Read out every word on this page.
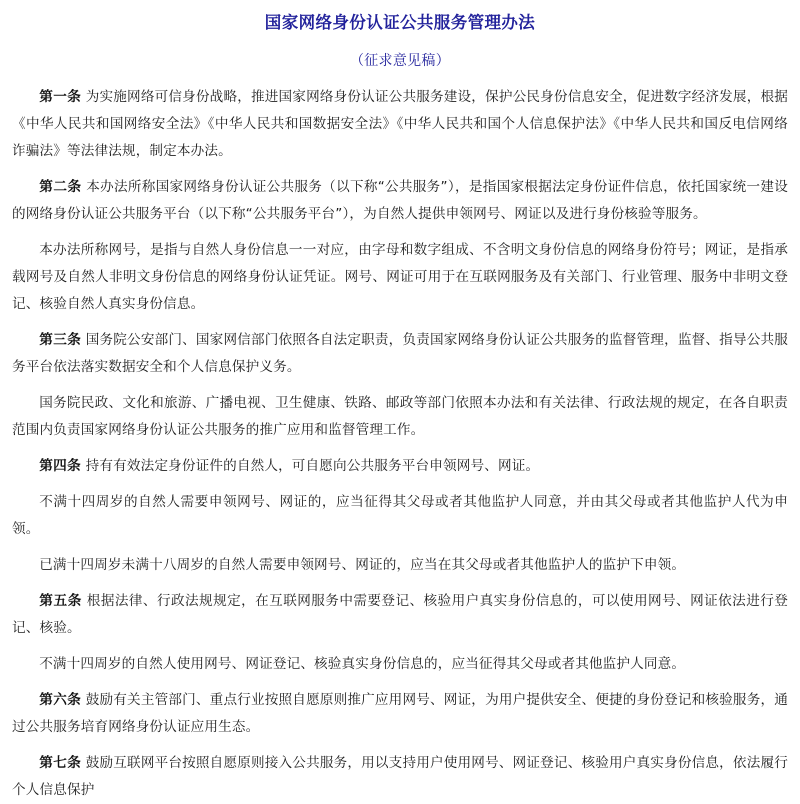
国家网络身份认证公共服务管理办法
（征求意见稿）

第一条 为实施网络可信身份战略，推进国家网络身份认证公共服务建设，保护公民身份信息安全，促进数字经济发展，根据《中华人民共和国网络安全法》《中华人民共和国数据安全法》《中华人民共和国个人信息保护法》《中华人民共和国反电信网络诈骗法》等法律法规，制定本办法。

第二条 本办法所称国家网络身份认证公共服务（以下称“公共服务”），是指国家根据法定身份证件信息，依托国家统一建设的网络身份认证公共服务平台（以下称“公共服务平台”），为自然人提供申领网号、网证以及进行身份核验等服务。

本办法所称网号，是指与自然人身份信息一一对应，由字母和数字组成、不含明文身份信息的网络身份符号；网证，是指承载网号及自然人非明文身份信息的网络身份认证凭证。网号、网证可用于在互联网服务及有关部门、行业管理、服务中非明文登记、核验自然人真实身份信息。

第三条 国务院公安部门、国家网信部门依照各自法定职责，负责国家网络身份认证公共服务的监督管理，监督、指导公共服务平台依法落实数据安全和个人信息保护义务。

国务院民政、文化和旅游、广播电视、卫生健康、铁路、邮政等部门依照本办法和有关法律、行政法规的规定，在各自职责范围内负责国家网络身份认证公共服务的推广应用和监督管理工作。

第四条 持有有效法定身份证件的自然人，可自愿向公共服务平台申领网号、网证。

不满十四周岁的自然人需要申领网号、网证的，应当征得其父母或者其他监护人同意，并由其父母或者其他监护人代为申领。

已满十四周岁未满十八周岁的自然人需要申领网号、网证的，应当在其父母或者其他监护人的监护下申领。

第五条 根据法律、行政法规规定，在互联网服务中需要登记、核验用户真实身份信息的，可以使用网号、网证依法进行登记、核验。

不满十四周岁的自然人使用网号、网证登记、核验真实身份信息的，应当征得其父母或者其他监护人同意。

第六条 鼓励有关主管部门、重点行业按照自愿原则推广应用网号、网证，为用户提供安全、便捷的身份登记和核验服务，通过公共服务培育网络身份认证应用生态。

第七条 鼓励互联网平台按照自愿原则接入公共服务，用以支持用户使用网号、网证登记、核验用户真实身份信息，依法履行个人信息保护
